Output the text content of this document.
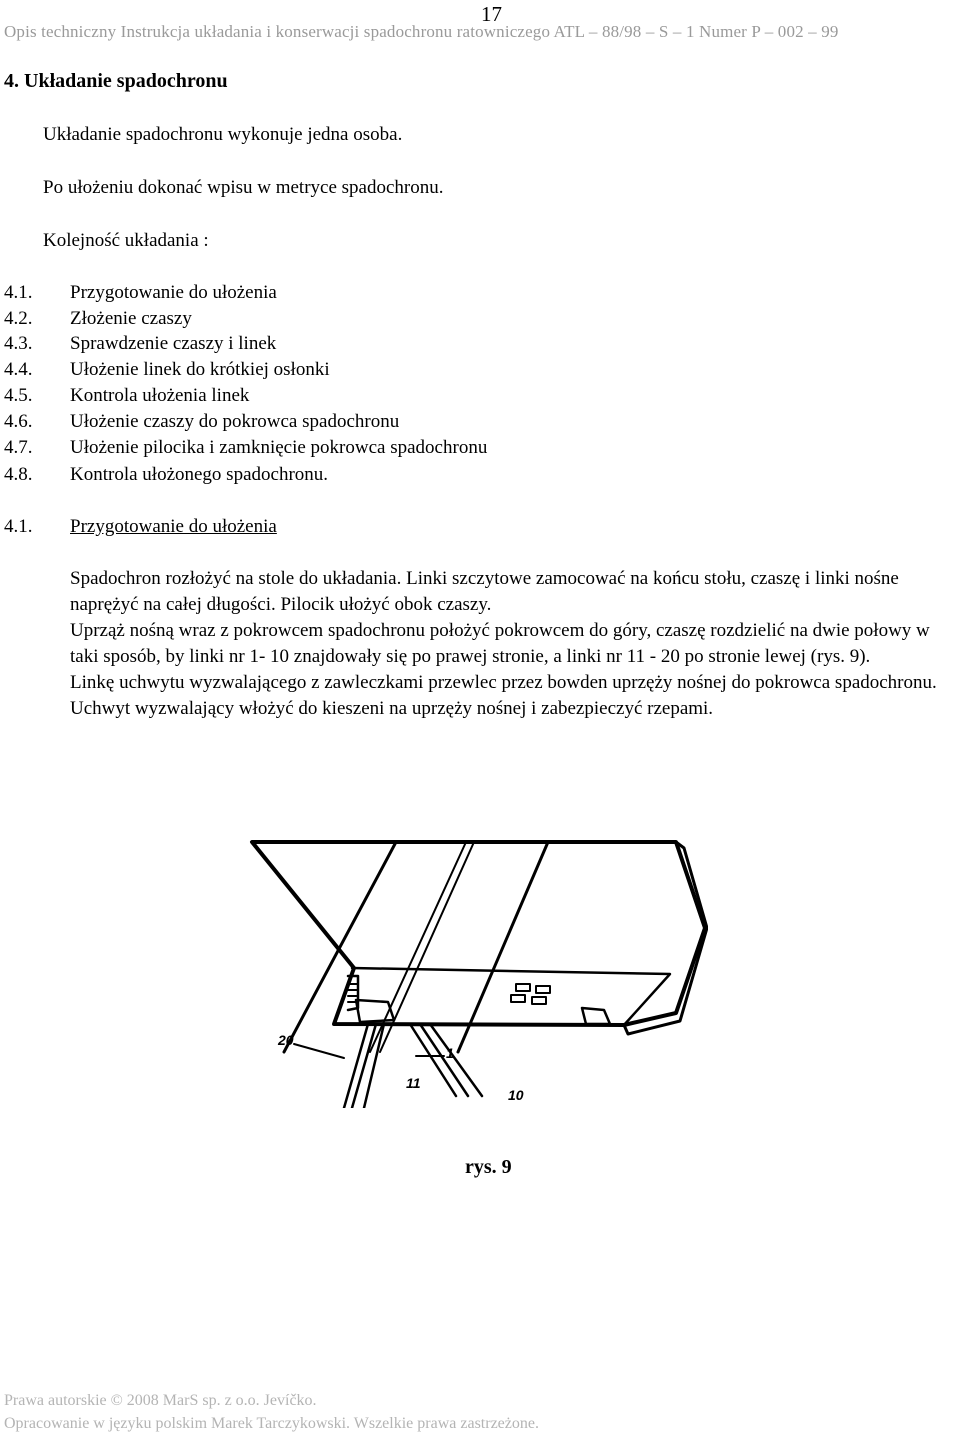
17
Opis techniczny Instrukcja układania i konserwacji spadochronu ratowniczego ATL – 88/98 – S – 1 Numer P – 002 – 99
4. Układanie spadochronu
Układanie spadochronu wykonuje jedna osoba.
Po ułożeniu dokonać wpisu w metryce spadochronu.
Kolejność układania :
4.1. Przygotowanie do ułożenia
4.2. Złożenie czaszy
4.3. Sprawdzenie czaszy i linek
4.4. Ułożenie linek do krótkiej osłonki
4.5. Kontrola ułożenia linek
4.6. Ułożenie czaszy do pokrowca spadochronu
4.7. Ułożenie pilocika i zamknięcie pokrowca spadochronu
4.8. Kontrola ułożonego spadochronu.
4.1. Przygotowanie do ułożenia

Spadochron rozłożyć na stole do układania. Linki szczytowe zamocować na końcu stołu, czaszę i linki nośne naprężyć na całej długości. Pilocik ułożyć obok czaszy.

Uprząż nośną wraz z pokrowcem spadochronu położyć pokrowcem do góry, czaszę rozdzielić na dwie połowy w taki sposób, by linki nr 1- 10 znajdowały się po prawej stronie, a linki nr 11 - 20 po stronie lewej (rys. 9).

Linkę uchwytu wyzwalającego z zawleczkami przewlec przez bowden uprzęży nośnej do pokrowca spadochronu.

Uchwyt wyzwalający włożyć do kieszeni na uprzęży nośnej i zabezpieczyć rzepami.

20
1
11
10
rys. 9
Prawa autorskie © 2008 MarS sp. z o.o. Jevíčko.
Opracowanie w języku polskim Marek Tarczykowski. Wszelkie prawa zastrzeżone.
